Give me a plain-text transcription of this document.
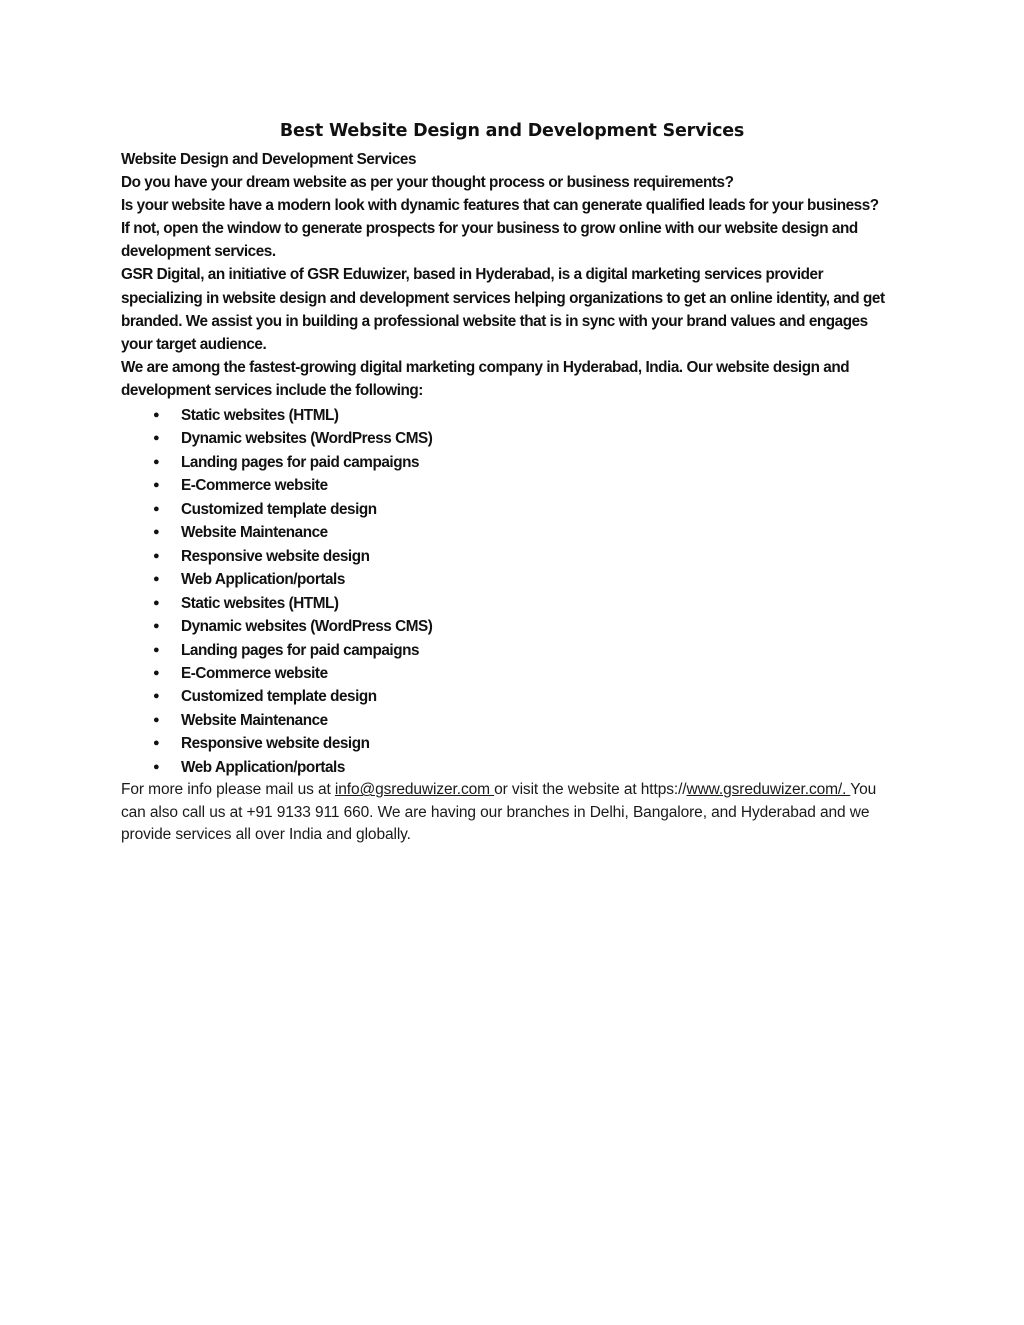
Best Website Design and Development Services

Website Design and Development Services

Do you have your dream website as per your thought process or business requirements?

Is your website have a modern look with dynamic features that can generate qualified leads for your business?

If not, open the window to generate prospects for your business to grow online with our website design and development services.

GSR Digital, an initiative of GSR Eduwizer, based in Hyderabad, is a digital marketing services provider specializing in website design and development services helping organizations to get an online identity, and get branded. We assist you in building a professional website that is in sync with your brand values and engages your target audience.

We are among the fastest-growing digital marketing company in Hyderabad, India. Our website design and development services include the following:

● Static websites (HTML)
● Dynamic websites (WordPress CMS)
● Landing pages for paid campaigns
● E-Commerce website
● Customized template design
● Website Maintenance
● Responsive website design
● Web Application/portals
● Static websites (HTML)
● Dynamic websites (WordPress CMS)
● Landing pages for paid campaigns
● E-Commerce website
● Customized template design
● Website Maintenance
● Responsive website design
● Web Application/portals

For more info please mail us at info@gsreduwizer.com or visit the website at https://www.gsreduwizer.com/. You can also call us at +91 9133 911 660. We are having our branches in Delhi, Bangalore, and Hyderabad and we provide services all over India and globally.
